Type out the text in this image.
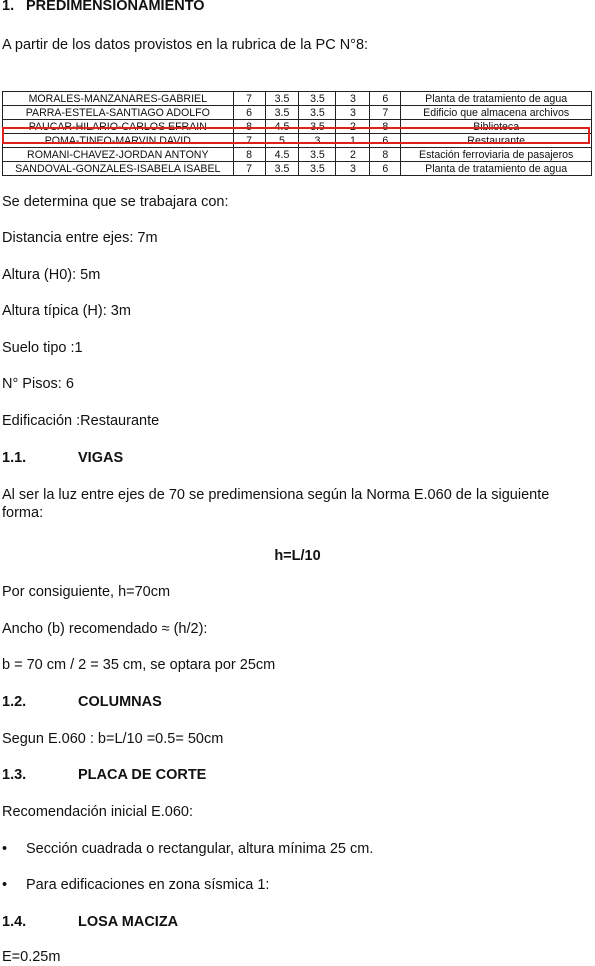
1. PREDIMENSIONAMIENTO
A partir de los datos provistos en la rubrica de la PC N°8:
MORALES-MANZANARES-GABRIEL	7	3.5	3.5	3	6	Planta de tratamiento de agua
PARRA-ESTELA-SANTIAGO ADOLFO	6	3.5	3.5	3	7	Edificio que almacena archivos
PAUCAR-HILARIO-CARLOS EFRAIN	8	4.5	3.5	2	8	Biblioteca
POMA-TINEO-MARVIN DAVID	7	5	3	1	6	Restaurante
ROMANI-CHAVEZ-JORDAN ANTONY	8	4.5	3.5	2	8	Estación ferroviaria de pasajeros
SANDOVAL-GONZALES-ISABELA ISABEL	7	3.5	3.5	3	6	Planta de tratamiento de agua
Se determina que se trabajara con:
Distancia entre ejes: 7m
Altura (H0): 5m
Altura típica (H): 3m
Suelo tipo :1
N° Pisos: 6
Edificación :Restaurante
1.1.	VIGAS
Al ser la luz entre ejes de 70 se predimensiona según la Norma E.060 de la siguiente forma:
h=L/10
Por consiguiente, h=70cm
Ancho (b) recomendado ≈ (h/2):
b = 70 cm / 2 = 35 cm, se optara por 25cm
1.2.	COLUMNAS
Segun E.060 : b=L/10 =0.5= 50cm
1.3.	PLACA DE CORTE
Recomendación inicial E.060:
• Sección cuadrada o rectangular, altura mínima 25 cm.
• Para edificaciones en zona sísmica 1:
1.4.	LOSA MACIZA
E=0.25m
